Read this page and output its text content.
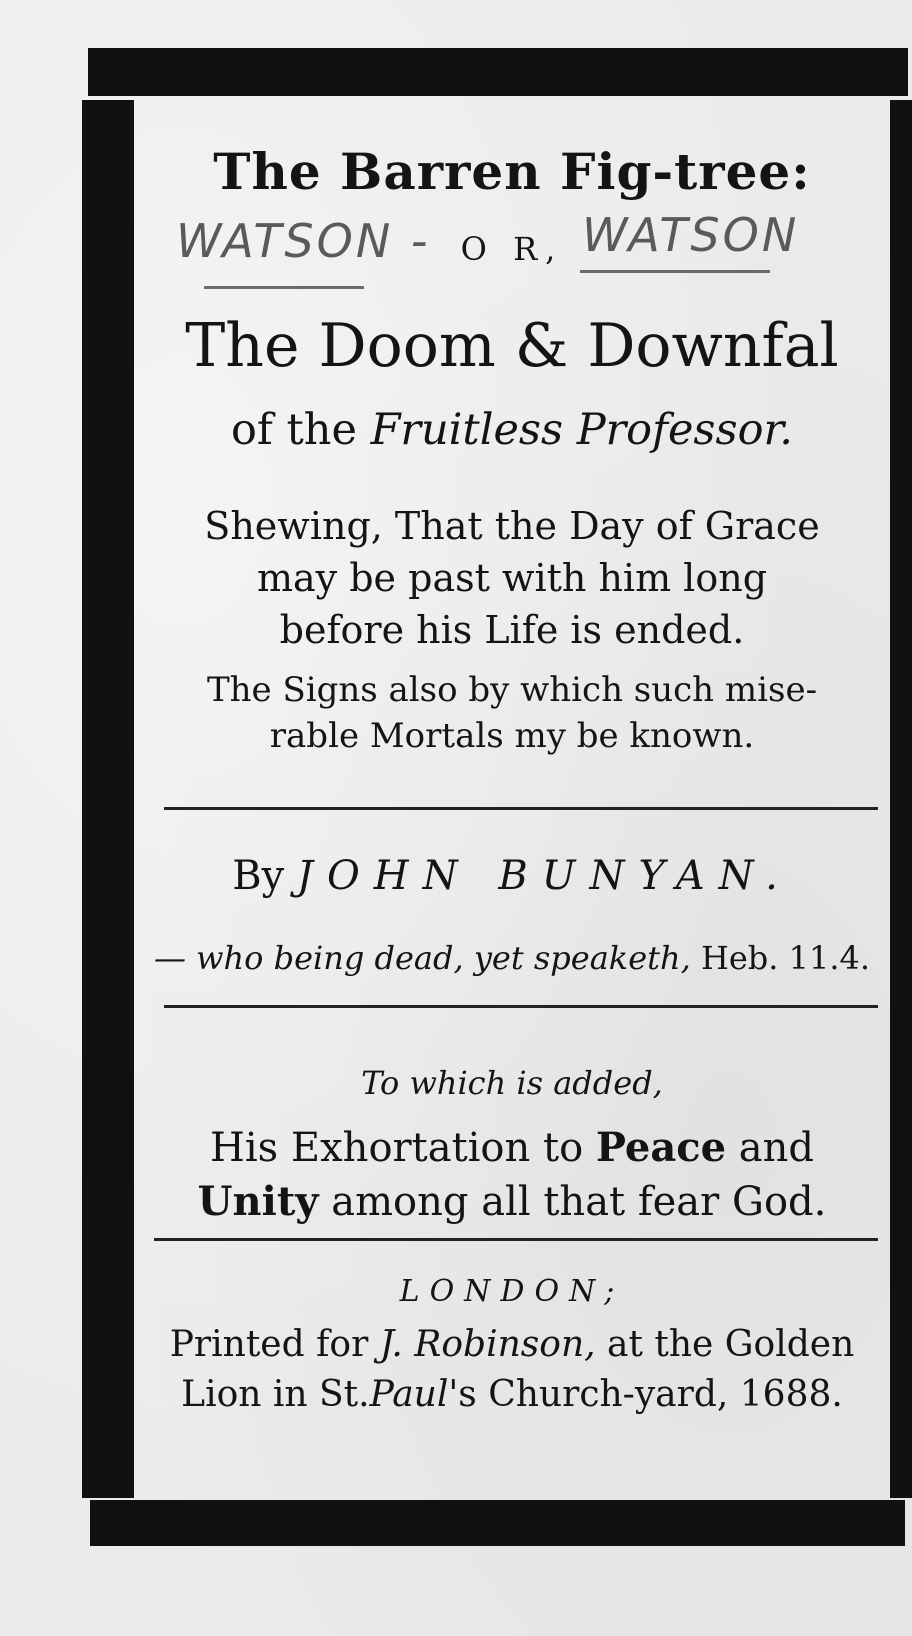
The Barren Fig-tree:
WATSON - O R, WATSON
The Doom & Downfal
of the Fruitless Professor.
Shewing, That the Day of Grace
may be past with him long
before his Life is ended.
The Signs also by which such mise-
rable Mortals my be known.
By JOHN BUNYAN.
— who being dead, yet speaketh, Heb. 11.4.
To which is added,
His Exhortation to Peace and
Unity among all that fear God.
LONDON;
Printed for J. Robinson, at the Golden
Lion in St.Paul's Church-yard, 1688.
